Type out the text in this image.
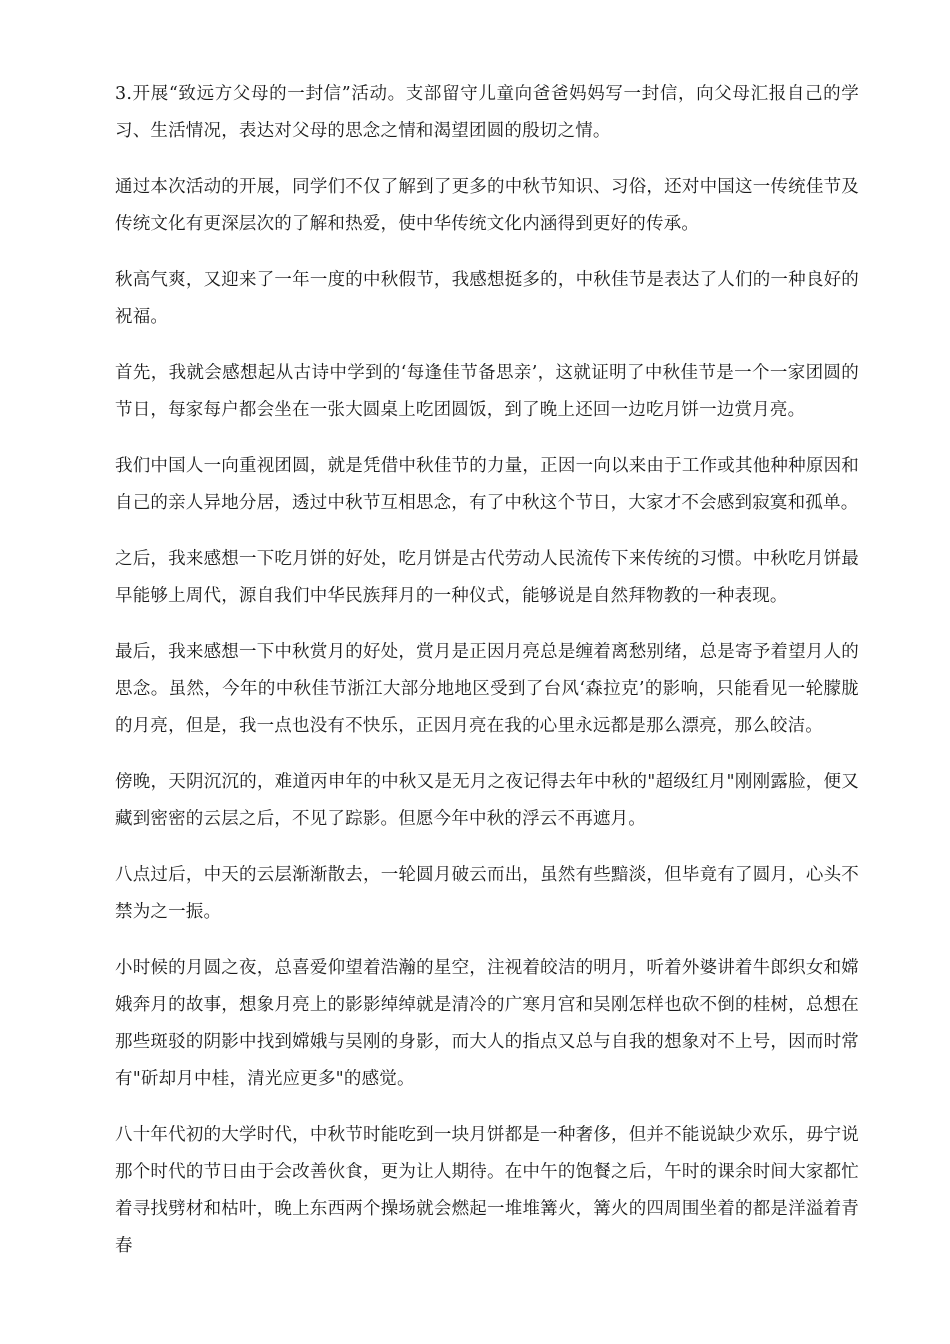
3.开展“致远方父母的一封信”活动。支部留守儿童向爸爸妈妈写一封信，向父母汇报自己的学习、生活情况，表达对父母的思念之情和渴望团圆的殷切之情。

通过本次活动的开展，同学们不仅了解到了更多的中秋节知识、习俗，还对中国这一传统佳节及传统文化有更深层次的了解和热爱，使中华传统文化内涵得到更好的传承。

秋高气爽，又迎来了一年一度的中秋假节，我感想挺多的，中秋佳节是表达了人们的一种良好的祝福。

首先，我就会感想起从古诗中学到的‘每逢佳节备思亲’，这就证明了中秋佳节是一个一家团圆的节日，每家每户都会坐在一张大圆桌上吃团圆饭，到了晚上还回一边吃月饼一边赏月亮。

我们中国人一向重视团圆，就是凭借中秋佳节的力量，正因一向以来由于工作或其他种种原因和自己的亲人异地分居，透过中秋节互相思念，有了中秋这个节日，大家才不会感到寂寞和孤单。

之后，我来感想一下吃月饼的好处，吃月饼是古代劳动人民流传下来传统的习惯。中秋吃月饼最早能够上周代，源自我们中华民族拜月的一种仪式，能够说是自然拜物教的一种表现。

最后，我来感想一下中秋赏月的好处，赏月是正因月亮总是缠着离愁别绪，总是寄予着望月人的思念。虽然，今年的中秋佳节浙江大部分地地区受到了台风‘森拉克’的影响，只能看见一轮朦胧的月亮，但是，我一点也没有不快乐，正因月亮在我的心里永远都是那么漂亮，那么皎洁。

傍晚，天阴沉沉的，难道丙申年的中秋又是无月之夜记得去年中秋的"超级红月"刚刚露脸，便又藏到密密的云层之后，不见了踪影。但愿今年中秋的浮云不再遮月。

八点过后，中天的云层渐渐散去，一轮圆月破云而出，虽然有些黯淡，但毕竟有了圆月，心头不禁为之一振。

小时候的月圆之夜，总喜爱仰望着浩瀚的星空，注视着皎洁的明月，听着外婆讲着牛郎织女和嫦娥奔月的故事，想象月亮上的影影绰绰就是清冷的广寒月宫和吴刚怎样也砍不倒的桂树，总想在那些斑驳的阴影中找到嫦娥与吴刚的身影，而大人的指点又总与自我的想象对不上号，因而时常有"斫却月中桂，清光应更多"的感觉。

八十年代初的大学时代，中秋节时能吃到一块月饼都是一种奢侈，但并不能说缺少欢乐，毋宁说那个时代的节日由于会改善伙食，更为让人期待。在中午的饱餐之后，午时的课余时间大家都忙着寻找劈材和枯叶，晚上东西两个操场就会燃起一堆堆篝火，篝火的四周围坐着的都是洋溢着青春
